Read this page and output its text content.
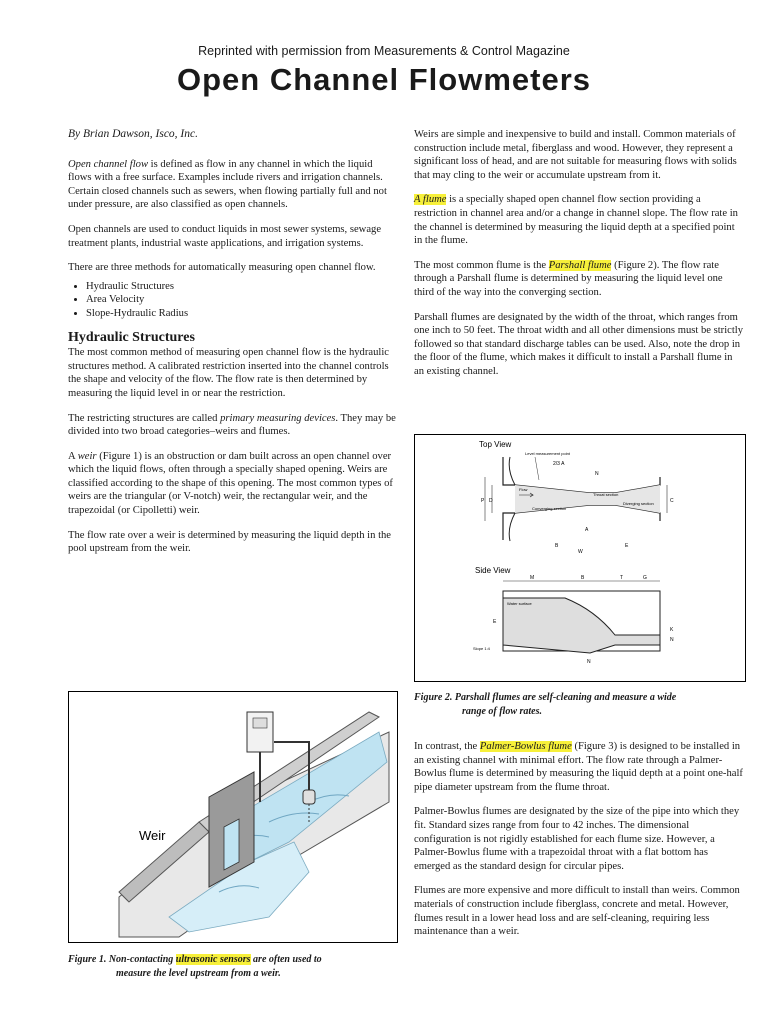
Reprinted with permission from Measurements & Control Magazine
Open Channel Flowmeters

By Brian Dawson, Isco, Inc.

Open channel flow is defined as flow in any channel in which the liquid flows with a free surface. Examples include rivers and irrigation channels. Certain closed channels such as sewers, when flowing partially full and not under pressure, are also classified as open channels.

Open channels are used to conduct liquids in most sewer systems, sewage treatment plants, industrial waste applications, and irrigation systems.

There are three methods for automatically measuring open channel flow.

• Hydraulic Structures
• Area Velocity
• Slope-Hydraulic Radius
Hydraulic Structures

The most common method of measuring open channel flow is the hydraulic structures method. A calibrated restriction inserted into the channel controls the shape and velocity of the flow. The flow rate is then determined by measuring the liquid level in or near the restriction.

The restricting structures are called primary measuring devices. They may be divided into two broad categories–weirs and flumes.

A weir (Figure 1) is an obstruction or dam built across an open channel over which the liquid flows, often through a specially shaped opening. Weirs are classified according to the shape of this opening. The most common types of weirs are the triangular (or V-notch) weir, the rectangular weir, and the trapezoidal (or Cipolletti) weir.

The flow rate over a weir is determined by measuring the liquid depth in the pool upstream from the weir.

Weir
Figure 1. Non-contacting ultrasonic sensors are often used to
measure the level upstream from a weir.

Weirs are simple and inexpensive to build and install. Common materials of construction include metal, fiberglass and wood. However, they represent a significant loss of head, and are not suitable for measuring flows with solids that may cling to the weir or accumulate upstream from it.

A flume is a specially shaped open channel flow section providing a restriction in channel area and/or a change in channel slope. The flow rate in the channel is determined by measuring the liquid depth at a specified point in the flume.

The most common flume is the Parshall flume (Figure 2). The flow rate through a Parshall flume is determined by measuring the liquid level one third of the way into the converging section.

Parshall flumes are designated by the width of the throat, which ranges from one inch to 50 feet. The throat width and all other dimensions must be strictly followed so that standard discharge tables can be used. Also, note the drop in the floor of the flume, which makes it difficult to install a Parshall flume in an existing channel.

Top View
P D	C
Flow
Throat section
Converging section
Diverging section
Level measurement point
2/3 A
N
A
B
W
E
Side View
M	B	T	G
Water surface
Slope 1:4
E
K
N
N
Figure 2. Parshall flumes are self-cleaning and measure a wide
range of flow rates.

In contrast, the Palmer-Bowlus flume (Figure 3) is designed to be installed in an existing channel with minimal effort. The flow rate through a Palmer-Bowlus flume is determined by measuring the liquid depth at a point one-half pipe diameter upstream from the flume throat.

Palmer-Bowlus flumes are designated by the size of the pipe into which they fit. Standard sizes range from four to 42 inches. The dimensional configuration is not rigidly established for each flume size. However, a Palmer-Bowlus flume with a trapezoidal throat with a flat bottom has emerged as the standard design for circular pipes.

Flumes are more expensive and more difficult to install than weirs. Common materials of construction include fiberglass, concrete and metal. However, flumes result in a lower head loss and are self-cleaning, requiring less maintenance than a weir.
